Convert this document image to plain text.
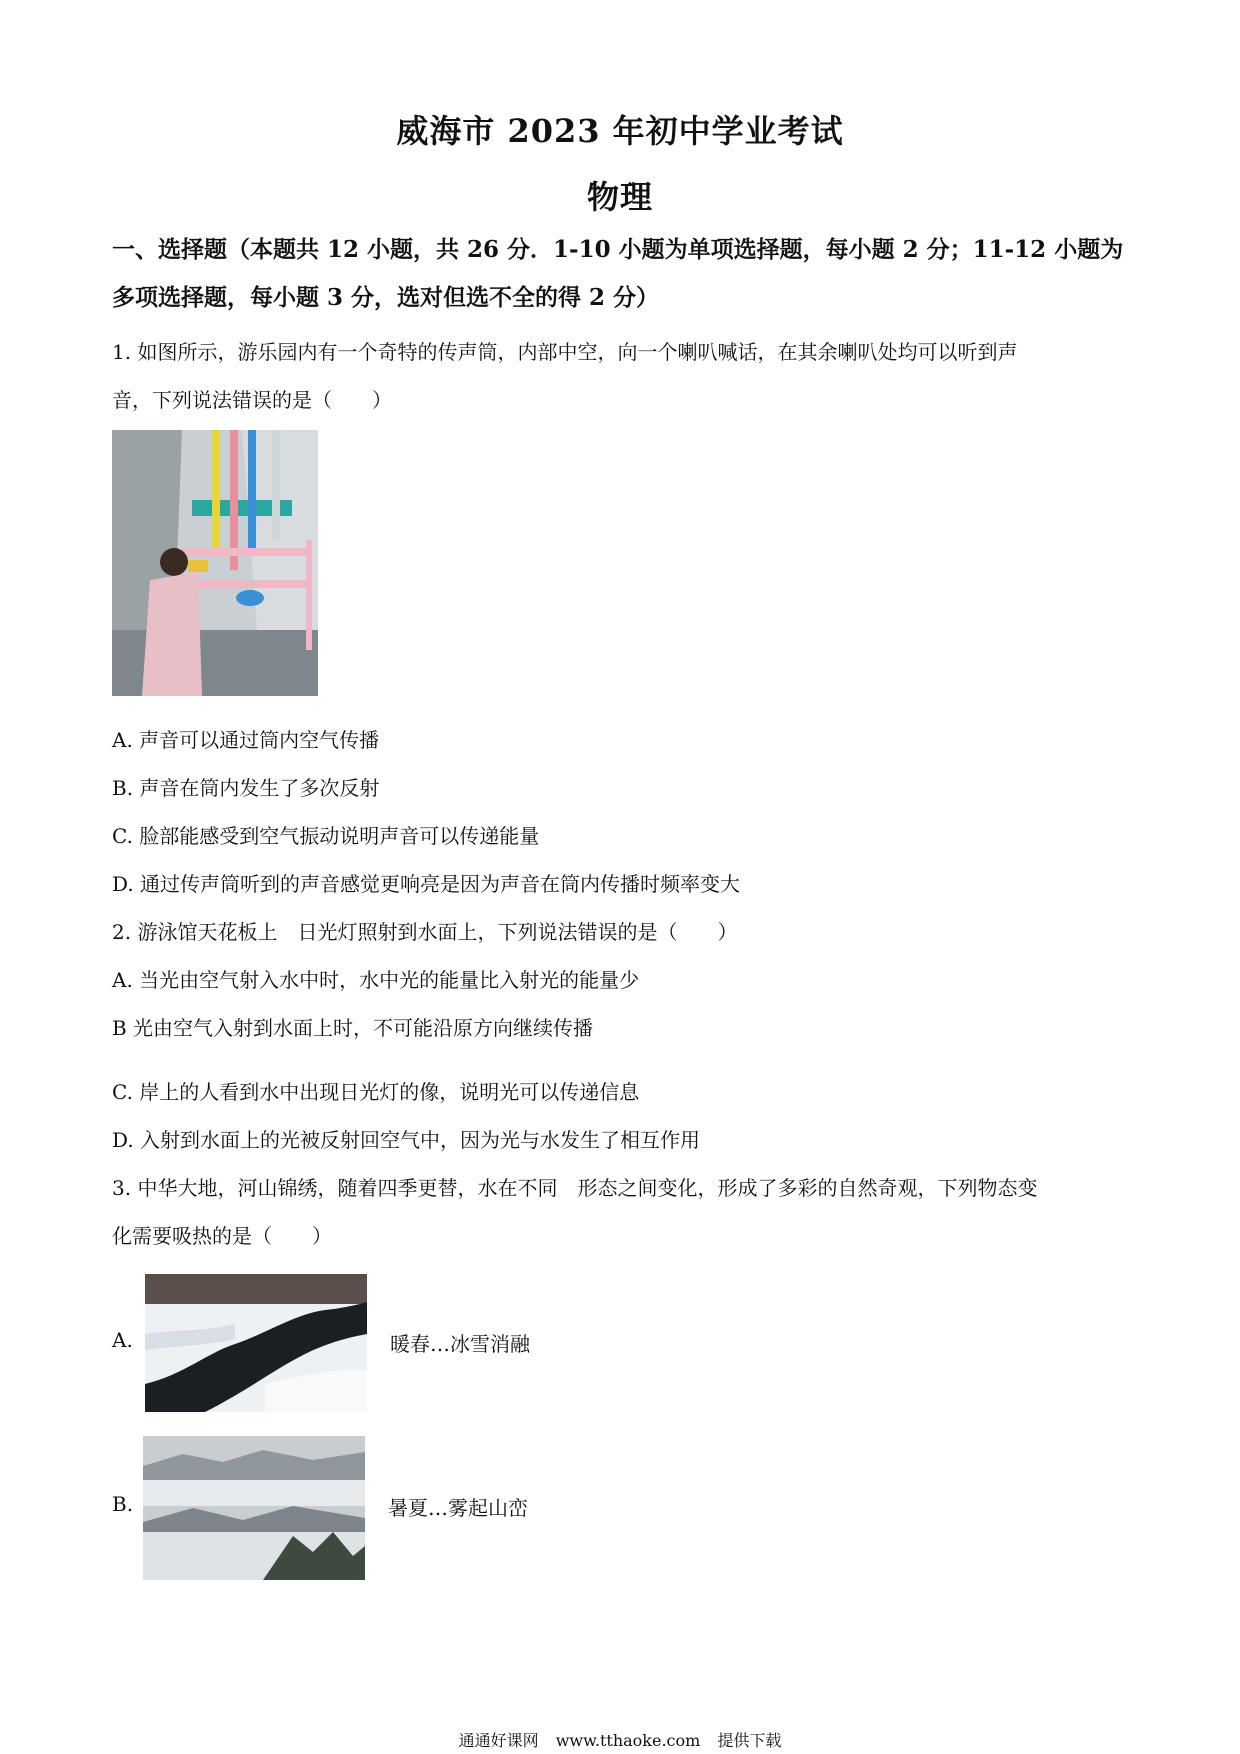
威海市 2023 年初中学业考试
物理
一、选择题（本题共 12 小题，共 26 分．1-10 小题为单项选择题，每小题 2 分；11-12 小题为
多项选择题，每小题 3 分，选对但选不全的得 2 分）
1. 如图所示，游乐园内有一个奇特的传声筒，内部中空，向一个喇叭喊话，在其余喇叭处均可以听到声
音，下列说法错误的是（　　）
A. 声音可以通过筒内空气传播
B. 声音在筒内发生了多次反射
C. 脸部能感受到空气振动说明声音可以传递能量
D. 通过传声筒听到的声音感觉更响亮是因为声音在筒内传播时频率变大
2. 游泳馆天花板上　日光灯照射到水面上，下列说法错误的是（　　）
A. 当光由空气射入水中时，水中光的能量比入射光的能量少
B 光由空气入射到水面上时，不可能沿原方向继续传播
C. 岸上的人看到水中出现日光灯的像，说明光可以传递信息
D. 入射到水面上的光被反射回空气中，因为光与水发生了相互作用
3. 中华大地，河山锦绣，随着四季更替，水在不同　形态之间变化，形成了多彩的自然奇观，下列物态变
化需要吸热的是（　　）
A.	暖春…冰雪消融
B.	暑夏…雾起山峦
通通好课网 www.tthaoke.com 提供下载
